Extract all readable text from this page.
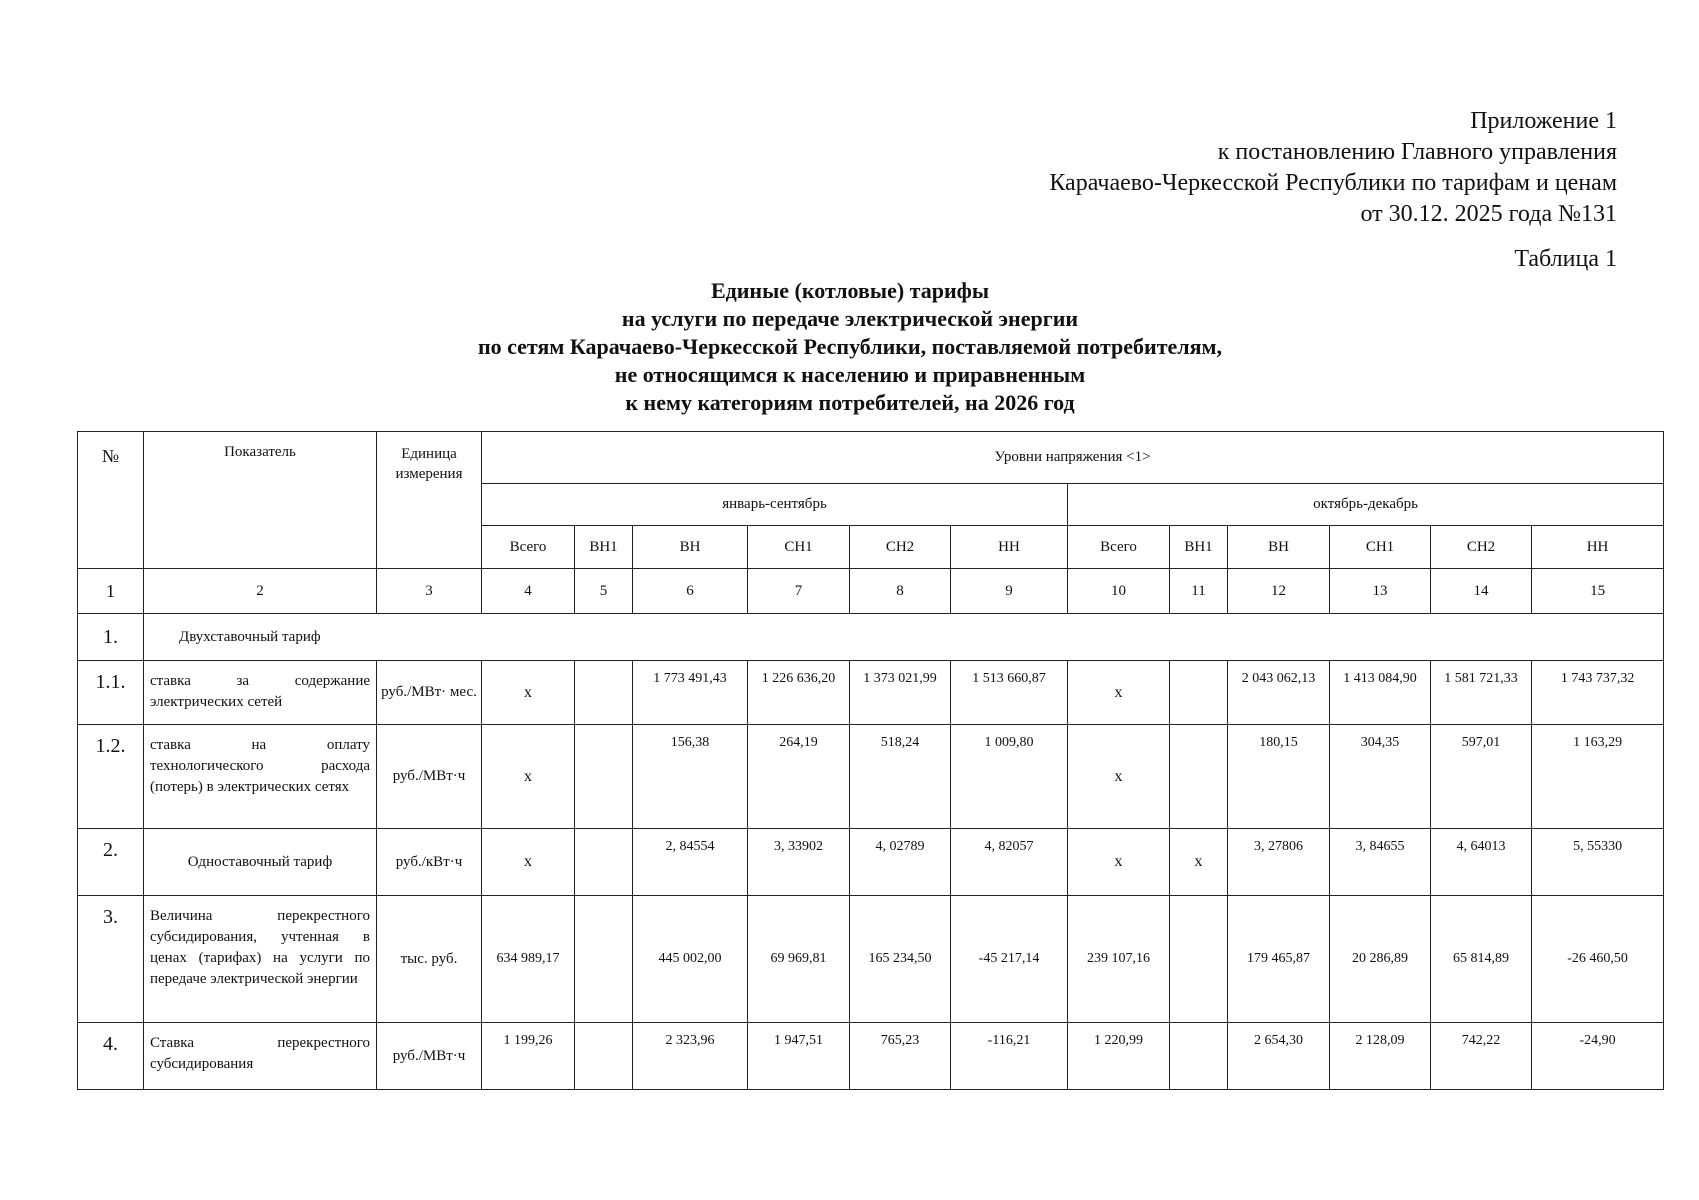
Приложение 1
к постановлению Главного управления
Карачаево-Черкесской Республики по тарифам и ценам
от 30.12. 2025 года №131
Таблица 1
Единые (котловые) тарифы
на услуги по передаче электрической энергии
по сетям Карачаево-Черкесской Республики, поставляемой потребителям,
не относящимся к населению и приравненным
к нему категориям потребителей, на 2026 год
№	Показатель	Единица измерения	Уровни напряжения <1>											
			январь-сентябрь						октябрь-декабрь					
			Всего	ВН1	ВН	СН1	СН2	НН	Всего	ВН1	ВН	СН1	СН2	НН
1	2	3	4	5	6	7	8	9	10	11	12	13	14	15
1.	Двухставочный тариф													
1.1.	ставка за содержание электрических сетей	руб./МВт· мес.	х		1 773 491,43	1 226 636,20	1 373 021,99	1 513 660,87	х		2 043 062,13	1 413 084,90	1 581 721,33	1 743 737,32
1.2.	ставка на оплату технологического расхода (потерь) в электрических сетях	руб./МВт·ч	х		156,38	264,19	518,24	1 009,80	х		180,15	304,35	597,01	1 163,29
2.	Одноставочный тариф	руб./кВт·ч	х		2, 84554	3, 33902	4, 02789	4, 82057	х	х	3, 27806	3, 84655	4, 64013	5, 55330
3.	Величина перекрестного субсидирования, учтенная в ценах (тарифах) на услуги по передаче электрической энергии	тыс. руб.	634 989,17		445 002,00	69 969,81	165 234,50	-45 217,14	239 107,16		179 465,87	20 286,89	65 814,89	-26 460,50
4.	Ставка перекрестного субсидирования	руб./МВт·ч	1 199,26		2 323,96	1 947,51	765,23	-116,21	1 220,99		2 654,30	2 128,09	742,22	-24,90
